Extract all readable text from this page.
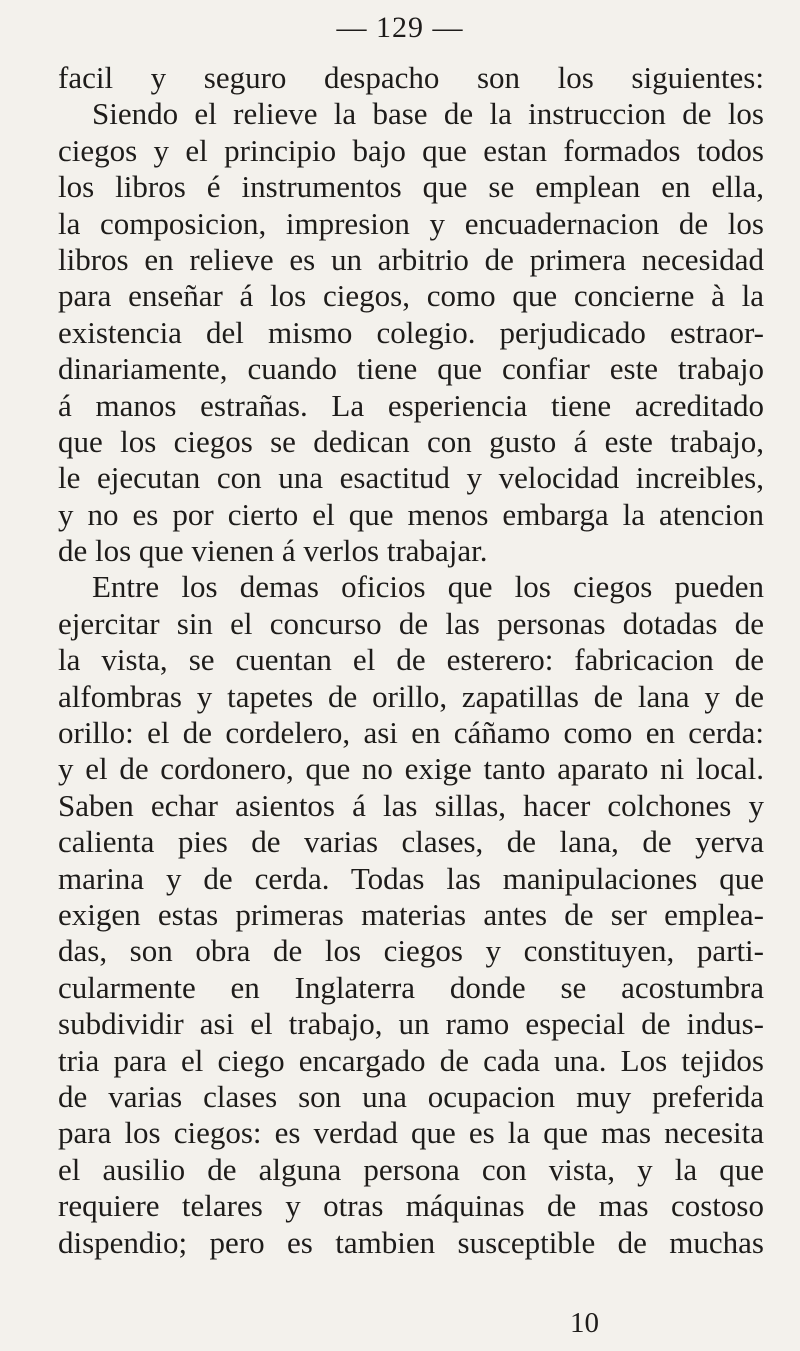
— 129 —
facil y seguro despacho son los siguientes:
Siendo el relieve la base de la instruccion de los
ciegos y el principio bajo que estan formados todos
los libros é instrumentos que se emplean en ella,
la composicion, impresion y encuadernacion de los
libros en relieve es un arbitrio de primera necesidad
para enseñar á los ciegos, como que concierne à la
existencia del mismo colegio. perjudicado estraor-
dinariamente, cuando tiene que confiar este trabajo
á manos estrañas. La esperiencia tiene acreditado
que los ciegos se dedican con gusto á este trabajo,
le ejecutan con una esactitud y velocidad increibles,
y no es por cierto el que menos embarga la atencion
de los que vienen á verlos trabajar.
Entre los demas oficios que los ciegos pueden
ejercitar sin el concurso de las personas dotadas de
la vista, se cuentan el de esterero: fabricacion de
alfombras y tapetes de orillo, zapatillas de lana y de
orillo: el de cordelero, asi en cáñamo como en cerda:
y el de cordonero, que no exige tanto aparato ni local.
Saben echar asientos á las sillas, hacer colchones y
calienta pies de varias clases, de lana, de yerva
marina y de cerda. Todas las manipulaciones que
exigen estas primeras materias antes de ser emplea-
das, son obra de los ciegos y constituyen, parti-
cularmente en Inglaterra donde se acostumbra
subdividir asi el trabajo, un ramo especial de indus-
tria para el ciego encargado de cada una. Los tejidos
de varias clases son una ocupacion muy preferida
para los ciegos: es verdad que es la que mas necesita
el ausilio de alguna persona con vista, y la que
requiere telares y otras máquinas de mas costoso
dispendio; pero es tambien susceptible de muchas
10
